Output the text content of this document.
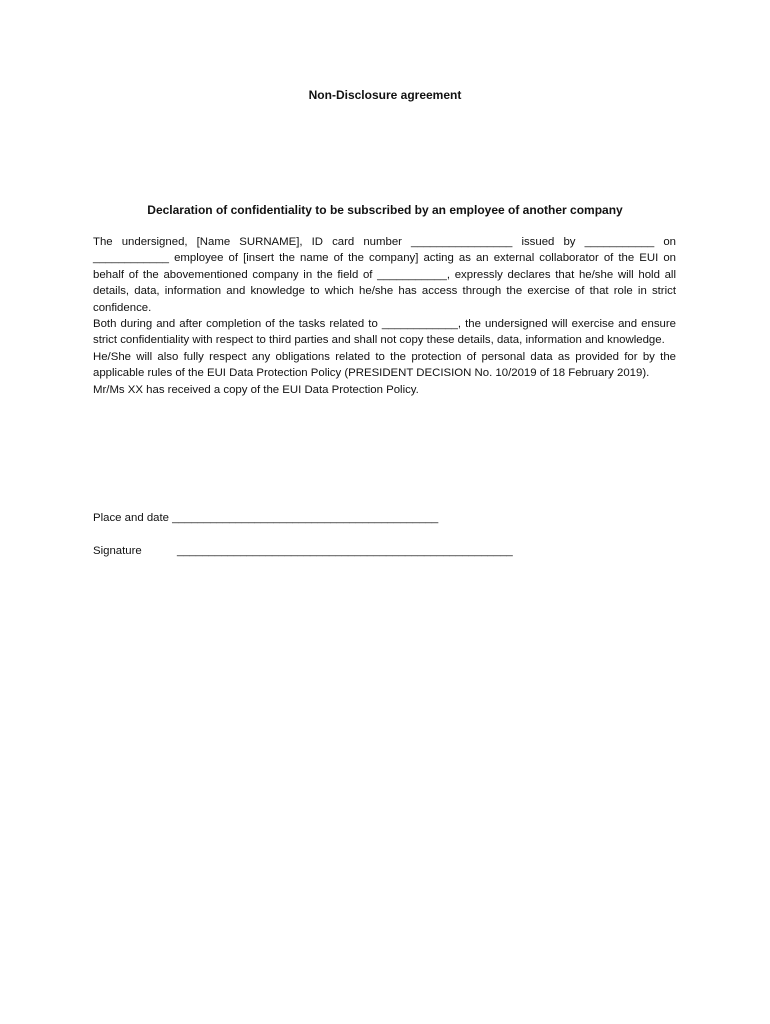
Non-Disclosure agreement
Declaration of confidentiality to be subscribed by an employee of another company

The undersigned, [Name SURNAME], ID card number ________________ issued by ___________ on ____________ employee of [insert the name of the company] acting as an external collaborator of the EUI on behalf of the abovementioned company in the field of ___________, expressly declares that he/she will hold all details, data, information and knowledge to which he/she has access through the exercise of that role in strict confidence.

Both during and after completion of the tasks related to ____________, the undersigned will exercise and ensure strict confidentiality with respect to third parties and shall not copy these details, data, information and knowledge.

He/She will also fully respect any obligations related to the protection of personal data as provided for by the applicable rules of the EUI Data Protection Policy (PRESIDENT DECISION No. 10/2019 of 18 February 2019).

Mr/Ms XX has received a copy of the EUI Data Protection Policy.

Place and date __________________________________________
Signature	_____________________________________________________
